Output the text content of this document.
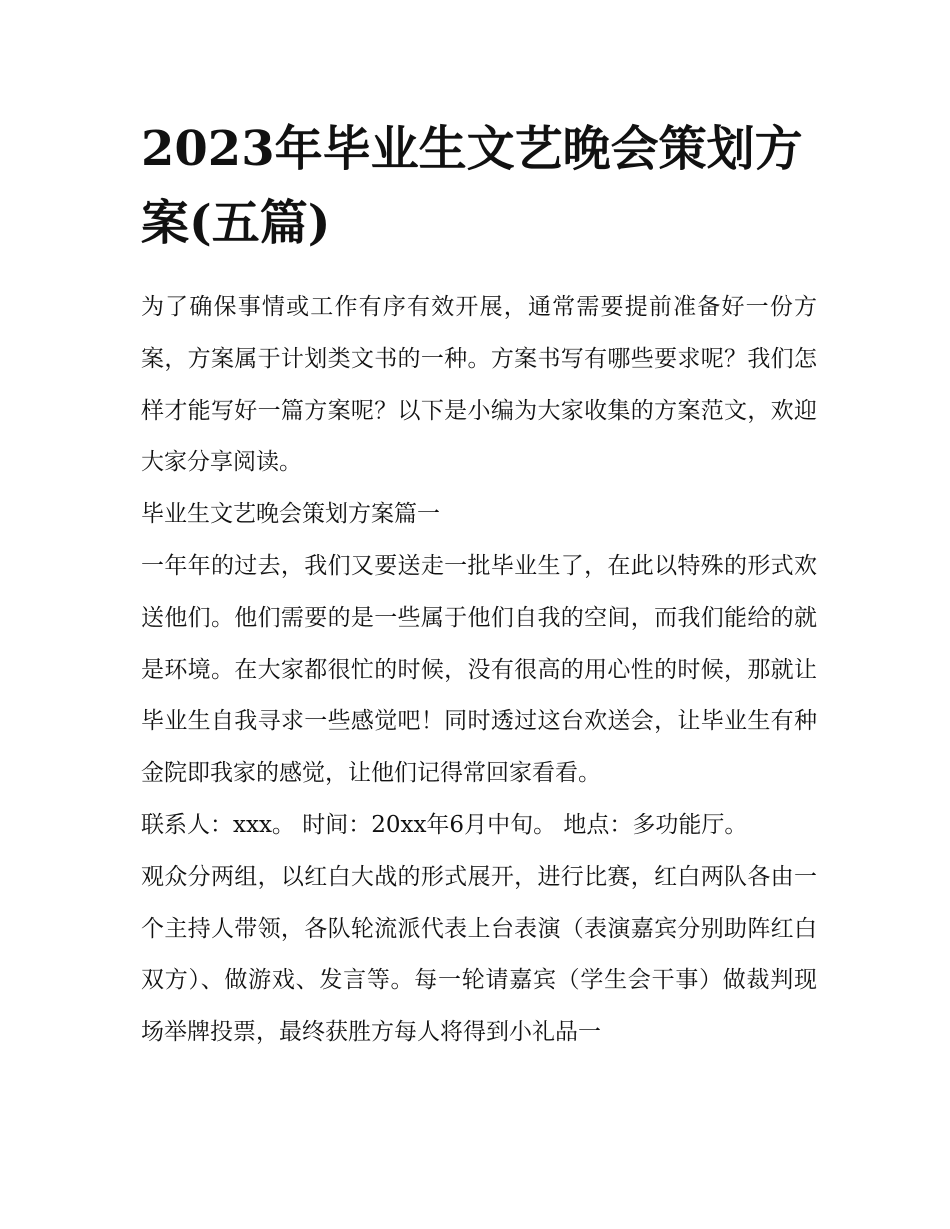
2023年毕业生文艺晚会策划方案(五篇)

为了确保事情或工作有序有效开展，通常需要提前准备好一份方案，方案属于计划类文书的一种。方案书写有哪些要求呢？我们怎样才能写好一篇方案呢？以下是小编为大家收集的方案范文，欢迎大家分享阅读。

毕业生文艺晚会策划方案篇一

一年年的过去，我们又要送走一批毕业生了，在此以特殊的形式欢送他们。他们需要的是一些属于他们自我的空间，而我们能给的就是环境。在大家都很忙的时候，没有很高的用心性的时候，那就让毕业生自我寻求一些感觉吧！同时透过这台欢送会，让毕业生有种金院即我家的感觉，让他们记得常回家看看。

联系人：xxx。 时间：20xx年6月中旬。 地点：多功能厅。

观众分两组，以红白大战的形式展开，进行比赛，红白两队各由一个主持人带领，各队轮流派代表上台表演（表演嘉宾分别助阵红白双方）、做游戏、发言等。每一轮请嘉宾（学生会干事）做裁判现场举牌投票，最终获胜方每人将得到小礼品一
